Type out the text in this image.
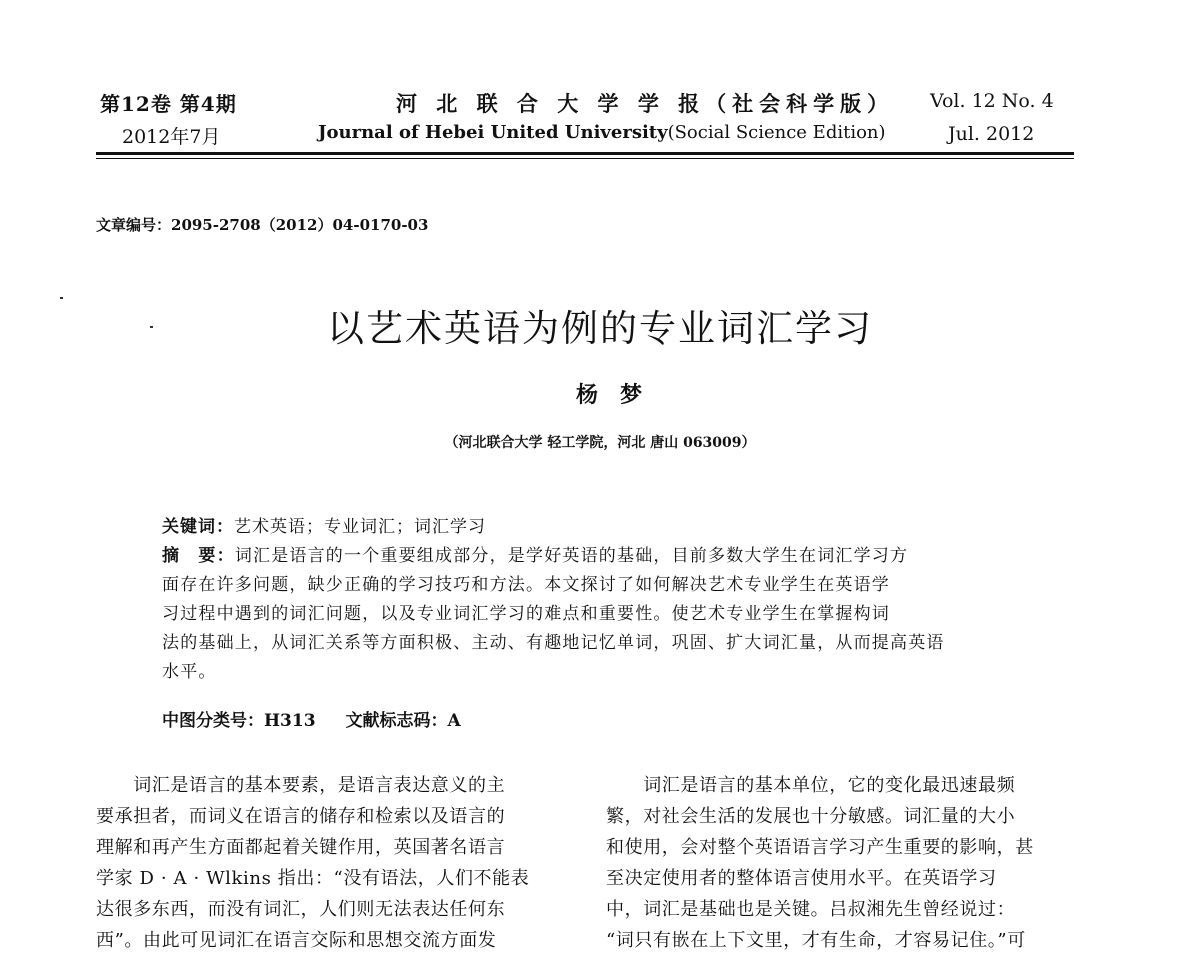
第12卷 第4期
2012年7月
河 北 联 合 大 学 学 报（社会科学版）
Journal of Hebei United University(Social Science Edition)
Vol. 12 No. 4
Jul. 2012
文章编号：2095-2708（2012）04-0170-03
以艺术英语为例的专业词汇学习
杨梦
（河北联合大学 轻工学院，河北 唐山 063009）
关键词：艺术英语；专业词汇；词汇学习
摘　要：词汇是语言的一个重要组成部分，是学好英语的基础，目前多数大学生在词汇学习方
面存在许多问题，缺少正确的学习技巧和方法。本文探讨了如何解决艺术专业学生在英语学
习过程中遇到的词汇问题，以及专业词汇学习的难点和重要性。使艺术专业学生在掌握构词
法的基础上，从词汇关系等方面积极、主动、有趣地记忆单词，巩固、扩大词汇量，从而提高英语
水平。
中图分类号：H313 文献标志码：A
　　词汇是语言的基本要素，是语言表达意义的主
要承担者，而词义在语言的储存和检索以及语言的
理解和再产生方面都起着关键作用，英国著名语言
学家 D · A · Wlkins 指出：“没有语法，人们不能表
达很多东西，而没有词汇，人们则无法表达任何东
西”。由此可见词汇在语言交际和思想交流方面发
　　词汇是语言的基本单位，它的变化最迅速最频
繁，对社会生活的发展也十分敏感。词汇量的大小
和使用，会对整个英语语言学习产生重要的影响，甚
至决定使用者的整体语言使用水平。在英语学习
中，词汇是基础也是关键。吕叔湘先生曾经说过：
“词只有嵌在上下文里，才有生命，才容易记住。”可
